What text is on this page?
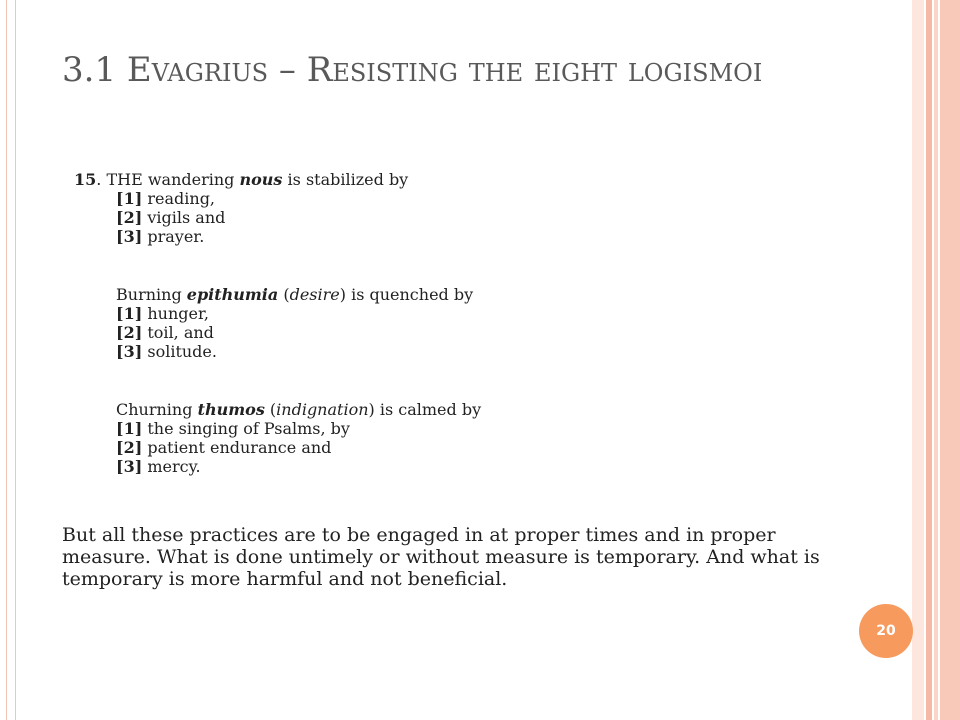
3.1 Evagrius – Resisting the eight logismoi

15. THE wandering nous is stabilized by

[1] reading,

[2] vigils and

[3] prayer.

Burning epithumia (desire) is quenched by

[1] hunger,

[2] toil, and

[3] solitude.

Churning thumos (indignation) is calmed by

[1] the singing of Psalms, by

[2] patient endurance and

[3] mercy.

But all these practices are to be engaged in at proper times and in proper measure. What is done untimely or without measure is temporary. And what is temporary is more harmful and not beneficial.

20
